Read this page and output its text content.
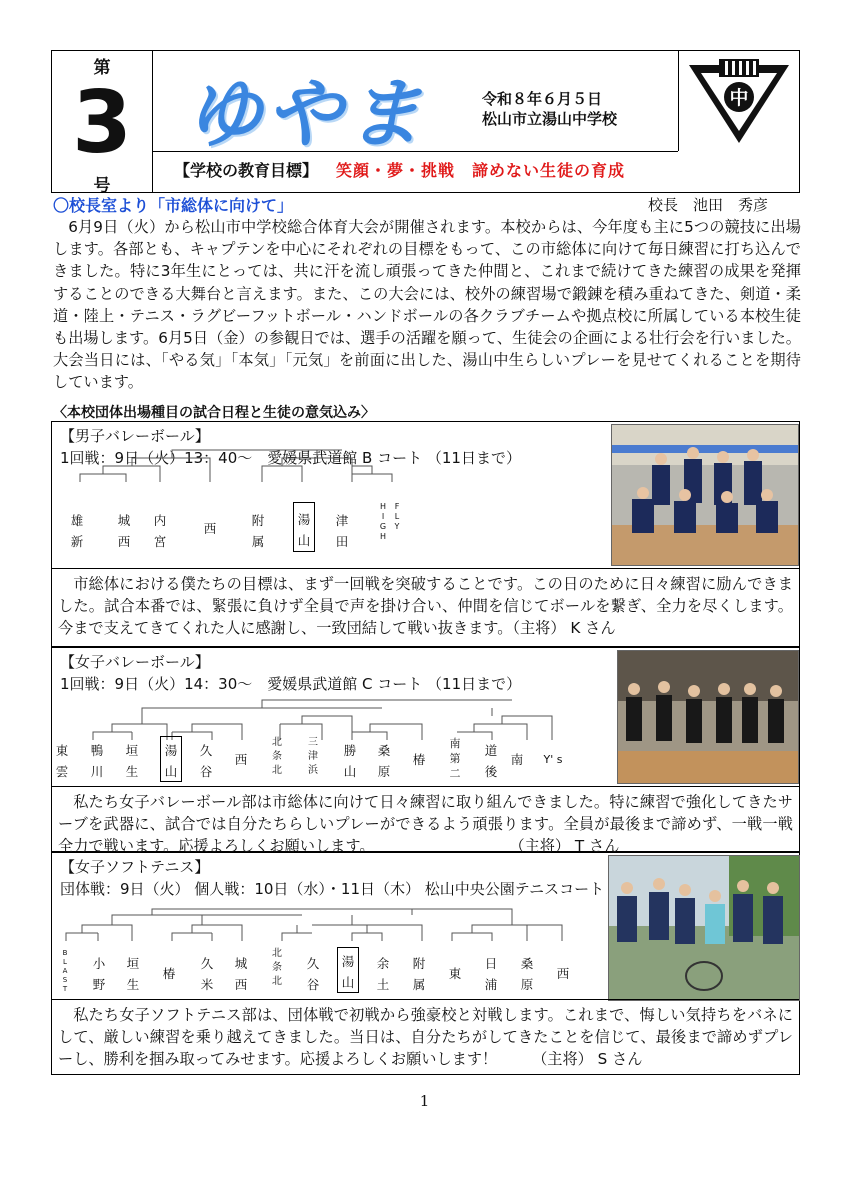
第
3
号
ゆやま	令和８年６月５日
松山市立湯山中学校
中
【学校の教育目標】 笑顔・夢・挑戦　諦めない生徒の育成
〇校長室より「市総体に向けて」	校長　池田　秀彦
6月9日（火）から松山市中学校総合体育大会が開催されます。本校からは、今年度も主に5つの競技に出場します。各部とも、キャプテンを中心にそれぞれの目標をもって、この市総体に向けて毎日練習に打ち込んできました。特に3年生にとっては、共に汗を流し頑張ってきた仲間と、これまで続けてきた練習の成果を発揮することのできる大舞台と言えます。また、この大会には、校外の練習場で鍛錬を積み重ねてきた、剣道・柔道・陸上・テニス・ラグビーフットボール・ハンドボールの各クラブチームや拠点校に所属している本校生徒も出場します。6月5日（金）の参観日では、選手の活躍を願って、生徒会の企画による壮行会を行いました。大会当日には、「やる気」「本気」「元気」を前面に出した、湯山中生らしいプレーを見せてくれることを期待しています。
〈本校団体出場種目の試合日程と生徒の意気込み〉
【男子バレーボール】
1回戦：9日（火）13：40～　愛媛県武道館 B コート （11日まで）
雄
新
城
西
内
宮
西
附
属
湯
山
津
田
H
I
G
H
F
L
Y
市総体における僕たちの目標は、まず一回戦を突破することです。この日のために日々練習に励んできました。試合本番では、緊張に負けず全員で声を掛け合い、仲間を信じてボールを繋ぎ、全力を尽くします。今まで支えてきてくれた人に感謝し、一致団結して戦い抜きます。（主将） K さん
【女子バレーボール】
1回戦：9日（火）14：30～　愛媛県武道館 C コート （11日まで）
東
雲
鴨
川
垣
生
湯
山
久
谷
西
北
条
北
三
津
浜
勝
山
桑
原
椿
南
第
二
道
後
南	Y' s
私たち女子バレーボール部は市総体に向けて日々練習に取り組んできました。特に練習で強化してきたサーブを武器に、試合では自分たちらしいプレーができるよう頑張ります。全員が最後まで諦めず、一戦一戦全力で戦います。応援よろしくお願いします。	（主将） T さん
【女子ソフトテニス】
団体戦：9日（火） 個人戦：10日（水）・11日（木） 松山中央公園テニスコート
B
L
A
S
T
小
野
垣
生
椿
久
米
城
西
北
条
北
久
谷
湯
山
余
土
附
属
東
日
浦
桑
原
西
私たち女子ソフトテニス部は、団体戦で初戦から強豪校と対戦します。これまで、悔しい気持ちをバネにして、厳しい練習を乗り越えてきました。当日は、自分たちがしてきたことを信じて、最後まで諦めずプレーし、勝利を掴み取ってみせます。応援よろしくお願いします！ （主将） S さん
1
